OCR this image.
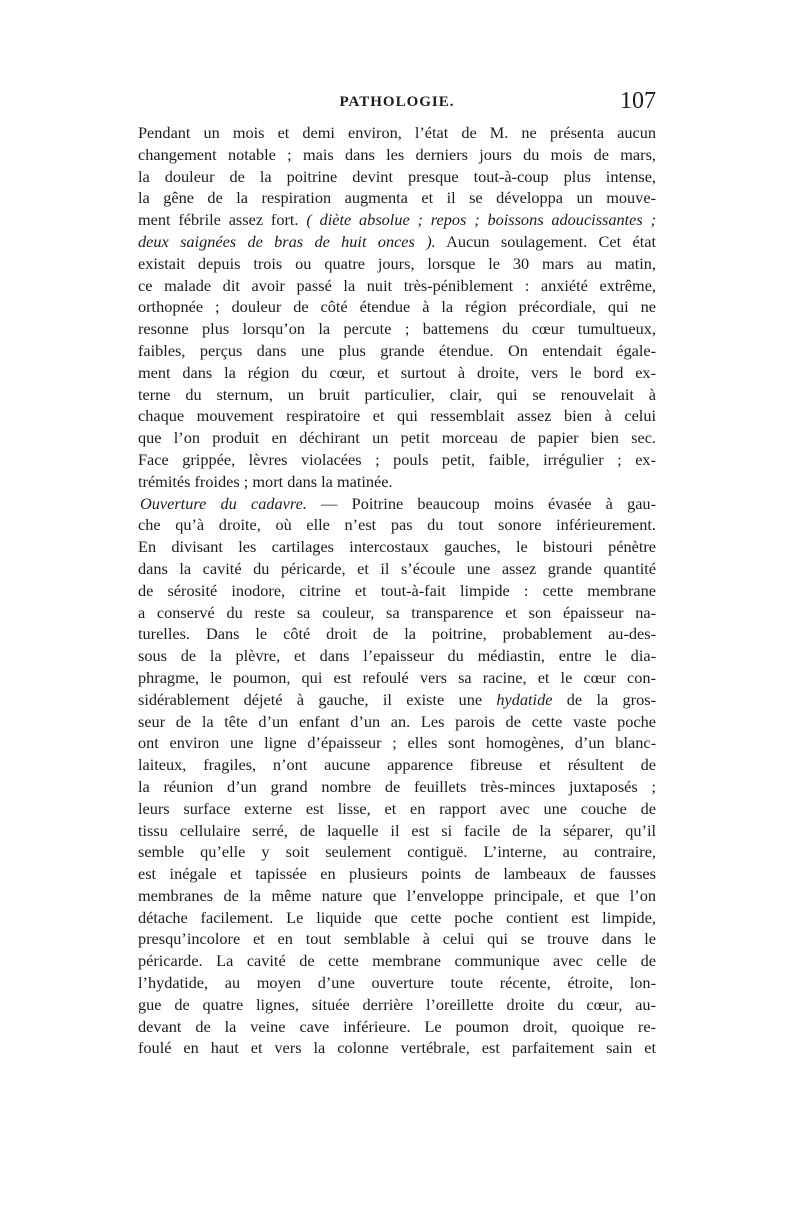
PATHOLOGIE.	107
Pendant un mois et demi environ, l’état de M. ne présenta aucun
changement notable ; mais dans les derniers jours du mois de mars,
la douleur de la poitrine devint presque tout-à-coup plus intense,
la gêne de la respiration augmenta et il se développa un mouve-
ment fébrile assez fort. ( diète absolue ; repos ; boissons adoucissantes ;
deux saignées de bras de huit onces ). Aucun soulagement. Cet état
existait depuis trois ou quatre jours, lorsque le 30 mars au matin,
ce malade dit avoir passé la nuit très-péniblement : anxiété extrême,
orthopnée ; douleur de côté étendue à la région précordiale, qui ne
resonne plus lorsqu’on la percute ; battemens du cœur tumultueux,
faibles, perçus dans une plus grande étendue. On entendait égale-
ment dans la région du cœur, et surtout à droite, vers le bord ex-
terne du sternum, un bruit particulier, clair, qui se renouvelait à
chaque mouvement respiratoire et qui ressemblait assez bien à celui
que l’on produit en déchirant un petit morceau de papier bien sec.
Face grippée, lèvres violacées ; pouls petit, faible, irrégulier ; ex-
trémités froides ; mort dans la matinée.
Ouverture du cadavre. — Poitrine beaucoup moins évasée à gau-
che qu’à droite, où elle n’est pas du tout sonore inférieurement.
En divisant les cartilages intercostaux gauches, le bistouri pénètre
dans la cavité du péricarde, et il s’écoule une assez grande quantité
de sérosité inodore, citrine et tout-à-fait limpide : cette membrane
a conservé du reste sa couleur, sa transparence et son épaisseur na-
turelles. Dans le côté droit de la poitrine, probablement au-des-
sous de la plèvre, et dans l’epaisseur du médiastin, entre le dia-
phragme, le poumon, qui est refoulé vers sa racine, et le cœur con-
sidérablement déjeté à gauche, il existe une hydatide de la gros-
seur de la tête d’un enfant d’un an. Les parois de cette vaste poche
ont environ une ligne d’épaisseur ; elles sont homogènes, d’un blanc-
laiteux, fragiles, n’ont aucune apparence fibreuse et résultent de
la réunion d’un grand nombre de feuillets très-minces juxtaposés ;
leurs surface externe est lisse, et en rapport avec une couche de
tissu cellulaire serré, de laquelle il est si facile de la séparer, qu’il
semble qu’elle y soit seulement contiguë. L’interne, au contraire,
est inégale et tapissée en plusieurs points de lambeaux de fausses
membranes de la même nature que l’enveloppe principale, et que l’on
détache facilement. Le liquide que cette poche contient est limpide,
presqu’incolore et en tout semblable à celui qui se trouve dans le
péricarde. La cavité de cette membrane communique avec celle de
l’hydatide, au moyen d’une ouverture toute récente, étroite, lon-
gue de quatre lignes, située derrière l’oreillette droite du cœur, au-
devant de la veine cave inférieure. Le poumon droit, quoique re-
foulé en haut et vers la colonne vertébrale, est parfaitement sain et
